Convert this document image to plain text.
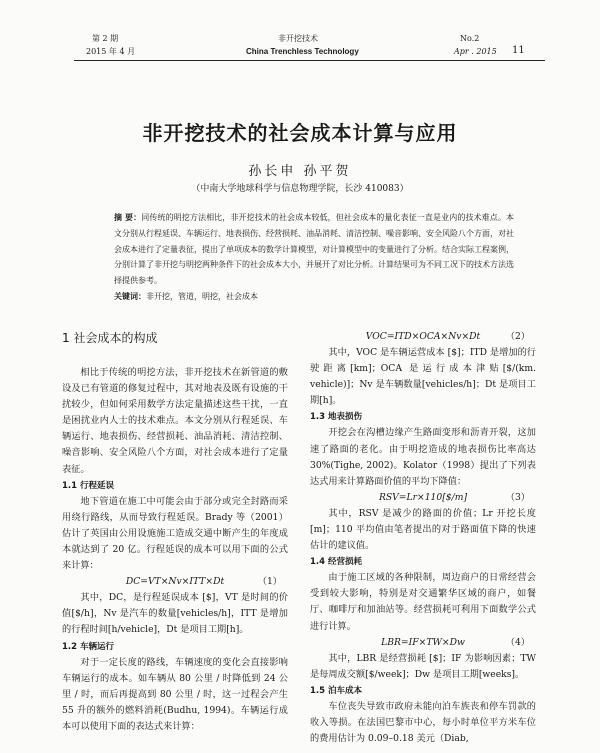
第 2 期
2015 年 4 月
非开挖技术
China Trenchless Technology
No.2
Apr . 2015 11
非开挖技术的社会成本计算与应用
孙长申 孙平贺
（中南大学地球科学与信息物理学院，长沙 410083）
摘 要：同传统的明挖方法相比，非开挖技术的社会成本较低，但社会成本的量化表征一直是业内的技术难点。本文分别从行程延误、车辆运行、地表损伤、经营损耗、油品消耗、清洁控制、噪音影响、安全风险八个方面，对社会成本进行了定量表征，提出了单项成本的数学计算模型，对计算模型中的变量进行了分析。结合实际工程案例，分别计算了非开挖与明挖两种条件下的社会成本大小，并展开了对比分析。计算结果可为不同工况下的技术方法选择提供参考。
关键词：非开挖，管道，明挖，社会成本
1 社会成本的构成

相比于传统的明挖方法，非开挖技术在新管道的敷设及已有管道的修复过程中，其对地表及既有设施的干扰较少，但如何采用数学方法定量描述这些干扰，一直是困扰业内人士的技术难点。本文分别从行程延误、车辆运行、地表损伤、经营损耗、油品消耗、清洁控制、噪音影响、安全风险八个方面，对社会成本进行了定量表征。

1.1 行程延误

地下管道在施工中可能会由于部分或完全封路而采用绕行路线，从而导致行程延误。Brady 等（2001）估计了英国由公用设施施工造成交通中断产生的年度成本就达到了 20 亿。行程延误的成本可以用下面的公式来计算：

DC=VT×Nv×ITT×Dt	（1）

其中，DC，是行程延误成本 [$]，VT 是时间的价值[$/h]，Nv 是汽车的数量[vehicles/h]，ITT 是增加的行程时间[h/vehicle]，Dt 是项目工期[h]。

1.2 车辆运行

对于一定长度的路线，车辆速度的变化会直接影响车辆运行的成本。如车辆从 80 公里 / 时降低到 24 公里 / 时，而后再提高到 80 公里 / 时，这一过程会产生 55 升的额外的燃料消耗(Budhu, 1994)。车辆运行成本可以使用下面的表达式来计算：

VOC=ITD×OCA×Nv×Dt	（2）

其中，VOC 是车辆运营成本 [$]；ITD 是增加的行驶距离[km]；OCA 是运行成本津贴[$/(km. vehicle)]；Nv 是车辆数量[vehicles/h]；Dt 是项目工期[h]。

1.3 地表损伤

开挖会在沟槽边缘产生路面变形和沥青开裂，这加速了路面的老化。由于明挖造成的地表损伤比率高达 30%(Tighe, 2002)。Kolator（1998）提出了下列表达式用来计算路面价值的平均下降值：

RSV=Lr×110[$/m]	（3）

其中，RSV 是减少的路面的价值；Lr 开挖长度[m]；110 平均值由笔者提出的对于路面值下降的快速估计的建议值。

1.4 经营损耗

由于施工区域的各种限制，周边商户的日常经营会受到较大影响，特别是对交通繁华区域的商户，如餐厅、咖啡厅和加油站等。经营损耗可利用下面数学公式进行计算。

LBR=IF×TW×Dw	（4）

其中，LBR 是经营损耗 [$]；IF 为影响因素；TW 是每周成交额[$/week]；Dw 是项目工期[weeks]。

1.5 泊车成本

车位丧失导致市政府未能向泊车族丧和停车罚款的收入等损。在法国巴黎市中心，每小时单位平方米车位的费用估计为 0.09–0.18 美元（Diab,
